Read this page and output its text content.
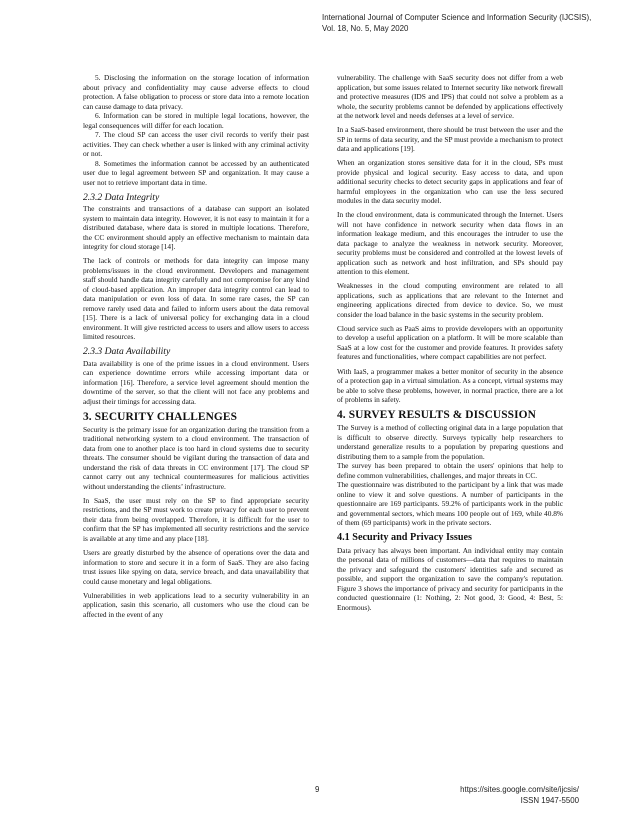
International Journal of Computer Science and Information Security (IJCSIS),
Vol. 18, No. 5, May 2020

5. Disclosing the information on the storage location of information about privacy and confidentiality may cause adverse effects to cloud protection. A false obligation to process or store data into a remote location can cause damage to data privacy.

6. Information can be stored in multiple legal locations, however, the legal consequences will differ for each location.

7. The cloud SP can access the user civil records to verify their past activities. They can check whether a user is linked with any criminal activity or not.

8. Sometimes the information cannot be accessed by an authenticated user due to legal agreement between SP and organization. It may cause a user not to retrieve important data in time.

2.3.2 Data Integrity

The constraints and transactions of a database can support an isolated system to maintain data integrity. However, it is not easy to maintain it for a distributed database, where data is stored in multiple locations. Therefore, the CC environment should apply an effective mechanism to maintain data integrity for cloud storage [14].

The lack of controls or methods for data integrity can impose many problems/issues in the cloud environment. Developers and management staff should handle data integrity carefully and not compromise for any kind of cloud-based application. An improper data integrity control can lead to data manipulation or even loss of data. In some rare cases, the SP can remove rarely used data and failed to inform users about the data removal [15]. There is a lack of universal policy for exchanging data in a cloud environment. It will give restricted access to users and allow users to access limited resources.

2.3.3 Data Availability

Data availability is one of the prime issues in a cloud environment. Users can experience downtime errors while accessing important data or information [16]. Therefore, a service level agreement should mention the downtime of the server, so that the client will not face any problems and adjust their timings for accessing data.

3. SECURITY CHALLENGES

Security is the primary issue for an organization during the transition from a traditional networking system to a cloud environment. The transaction of data from one to another place is too hard in cloud systems due to security threats. The consumer should be vigilant during the transaction of data and understand the risk of data threats in CC environment [17]. The cloud SP cannot carry out any technical countermeasures for malicious activities without understanding the clients’ infrastructure.

In SaaS, the user must rely on the SP to find appropriate security restrictions, and the SP must work to create privacy for each user to prevent their data from being overlapped. Therefore, it is difficult for the user to confirm that the SP has implemented all security restrictions and the service is available at any time and any place [18].

Users are greatly disturbed by the absence of operations over the data and information to store and secure it in a form of SaaS. They are also facing trust issues like spying on data, service breach, and data unavailability that could cause monetary and legal obligations.

Vulnerabilities in web applications lead to a security vulnerability in an application, sasin this scenario, all customers who use the cloud can be affected in the event of any

vulnerability. The challenge with SaaS security does not differ from a web application, but some issues related to Internet security like network firewall and protective measures (IDS and IPS) that could not solve a problem as a whole, the security problems cannot be defended by applications effectively at the network level and needs defenses at a level of service.

In a SaaS-based environment, there should be trust between the user and the SP in terms of data security, and the SP must provide a mechanism to protect data and applications [19].

When an organization stores sensitive data for it in the cloud, SPs must provide physical and logical security. Easy access to data, and upon additional security checks to detect security gaps in applications and fear of harmful employees in the organization who can use the less secured modules in the data security model.

In the cloud environment, data is communicated through the Internet. Users will not have confidence in network security when data flows in an information leakage medium, and this encourages the intruder to use the data package to analyze the weakness in network security. Moreover, security problems must be considered and controlled at the lowest levels of application such as network and host infiltration, and SPs should pay attention to this element.

Weaknesses in the cloud computing environment are related to all applications, such as applications that are relevant to the Internet and engineering applications directed from device to device. So, we must consider the load balance in the basic systems in the security problem.

Cloud service such as PaaS aims to provide developers with an opportunity to develop a useful application on a platform. It will be more scalable than SaaS at a low cost for the customer and provide features. It provides safety features and functionalities, where compact capabilities are not perfect.

With IaaS, a programmer makes a better monitor of security in the absence of a protection gap in a virtual simulation. As a concept, virtual systems may be able to solve these problems, however, in normal practice, there are a lot of problems in safety.

4. SURVEY RESULTS & DISCUSSION

The Survey is a method of collecting original data in a large population that is difficult to observe directly. Surveys typically help researchers to understand generalize results to a population by preparing questions and distributing them to a sample from the population.

The survey has been prepared to obtain the users' opinions that help to define common vulnerabilities, challenges, and major threats in CC.

The questionnaire was distributed to the participant by a link that was made online to view it and solve questions. A number of participants in the questionnaire are 169 participants. 59.2% of participants work in the public and governmental sectors, which means 100 people out of 169, while 40.8% of them (69 participants) work in the private sectors.

4.1 Security and Privacy Issues

Data privacy has always been important. An individual entity may contain the personal data of millions of customers—data that requires to maintain the privacy and safeguard the customers' identities safe and secured as possible, and support the organization to save the company's reputation. Figure 3 shows the importance of privacy and security for participants in the conducted questionnaire (1: Nothing, 2: Not good, 3: Good, 4: Best, 5: Enormous).

9	https://sites.google.com/site/ijcsis/
ISSN 1947-5500
